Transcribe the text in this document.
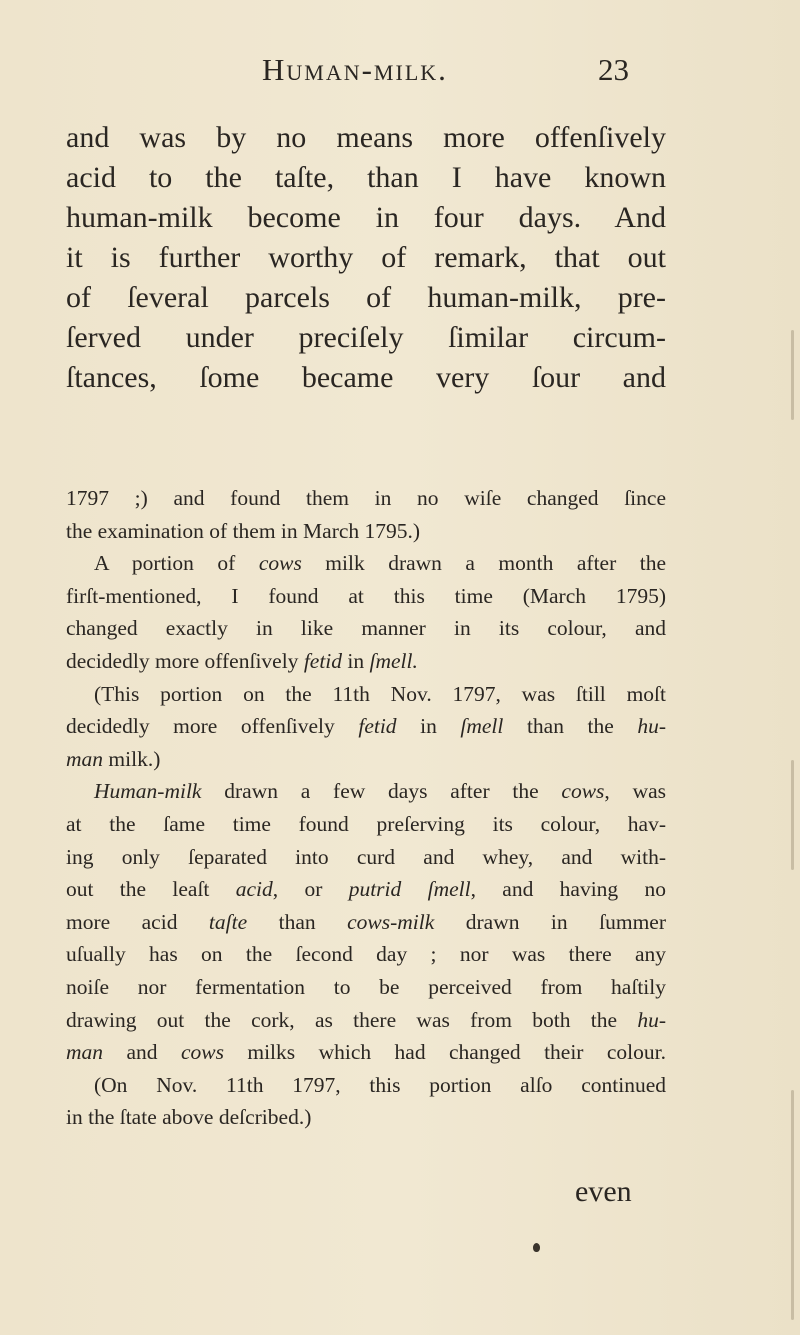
Human-milk.	23
and was by no means more offenſively
acid to the taſte, than I have known
human-milk become in four days. And
it is further worthy of remark, that out
of ſeveral parcels of human-milk, pre-
ſerved under preciſely ſimilar circum-
ſtances, ſome became very ſour and
1797 ;) and found them in no wiſe changed ſince
the examination of them in March 1795.)
A portion of cows milk drawn a month after the
firſt-mentioned, I found at this time (March 1795)
changed exactly in like manner in its colour, and
decidedly more offenſively fetid in ſmell.
(This portion on the 11th Nov. 1797, was ſtill moſt
decidedly more offenſively fetid in ſmell than the hu-
man milk.)
Human-milk drawn a few days after the cows, was
at the ſame time found preſerving its colour, hav-
ing only ſeparated into curd and whey, and with-
out the leaſt acid, or putrid ſmell, and having no
more acid taſte than cows-milk drawn in ſummer
uſually has on the ſecond day ; nor was there any
noiſe nor fermentation to be perceived from haſtily
drawing out the cork, as there was from both the hu-
man and cows milks which had changed their colour.
(On Nov. 11th 1797, this portion alſo continued
in the ſtate above deſcribed.)
even
